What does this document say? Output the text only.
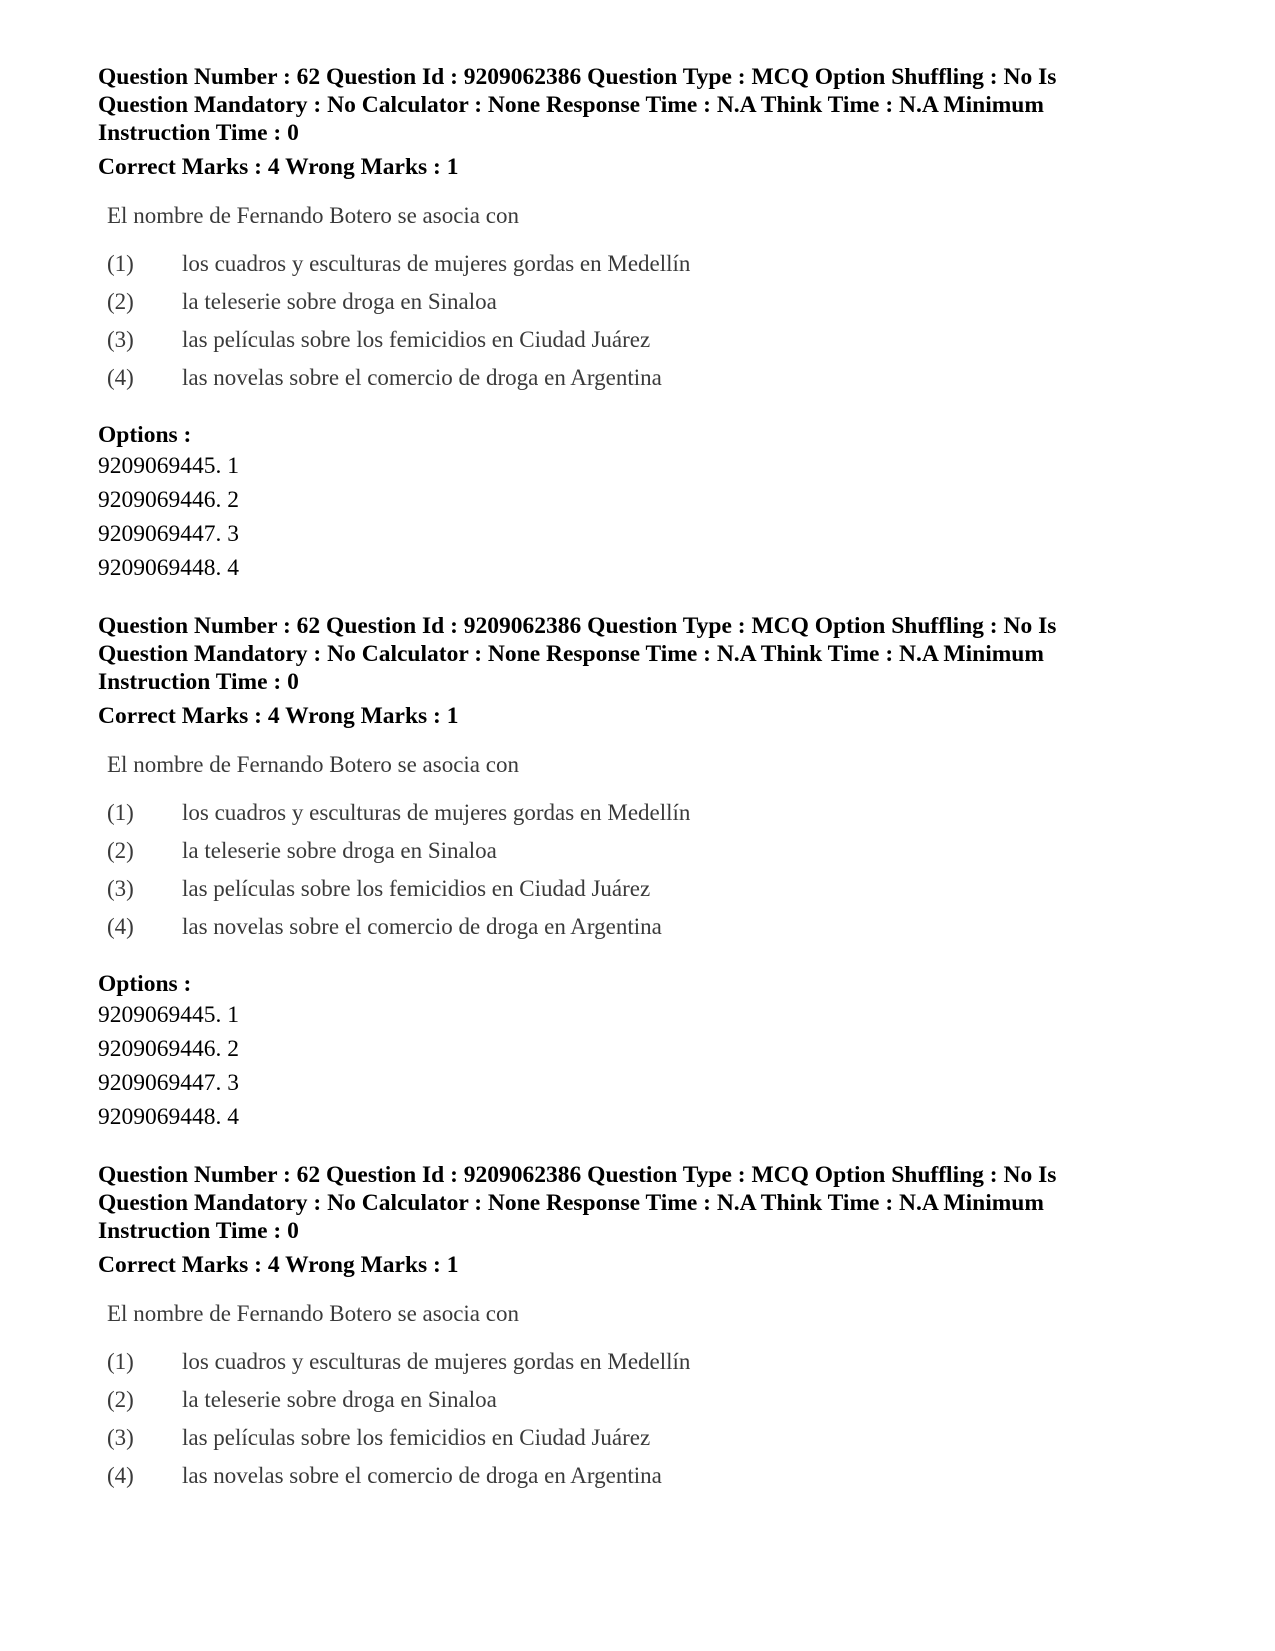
Question Number : 62 Question Id : 9209062386 Question Type : MCQ Option Shuffling : No Is

Question Mandatory : No Calculator : None Response Time : N.A Think Time : N.A Minimum

Instruction Time : 0

Correct Marks : 4 Wrong Marks : 1

El nombre de Fernando Botero se asocia con
(1) los cuadros y esculturas de mujeres gordas en Medellín
(2) la teleserie sobre droga en Sinaloa
(3) las películas sobre los femicidios en Ciudad Juárez
(4) las novelas sobre el comercio de droga en Argentina
Options :
9209069445. 1
9209069446. 2
9209069447. 3
9209069448. 4

Question Number : 62 Question Id : 9209062386 Question Type : MCQ Option Shuffling : No Is

Question Mandatory : No Calculator : None Response Time : N.A Think Time : N.A Minimum

Instruction Time : 0

Correct Marks : 4 Wrong Marks : 1

El nombre de Fernando Botero se asocia con
(1) los cuadros y esculturas de mujeres gordas en Medellín
(2) la teleserie sobre droga en Sinaloa
(3) las películas sobre los femicidios en Ciudad Juárez
(4) las novelas sobre el comercio de droga en Argentina
Options :
9209069445. 1
9209069446. 2
9209069447. 3
9209069448. 4

Question Number : 62 Question Id : 9209062386 Question Type : MCQ Option Shuffling : No Is

Question Mandatory : No Calculator : None Response Time : N.A Think Time : N.A Minimum

Instruction Time : 0

Correct Marks : 4 Wrong Marks : 1

El nombre de Fernando Botero se asocia con
(1) los cuadros y esculturas de mujeres gordas en Medellín
(2) la teleserie sobre droga en Sinaloa
(3) las películas sobre los femicidios en Ciudad Juárez
(4) las novelas sobre el comercio de droga en Argentina
